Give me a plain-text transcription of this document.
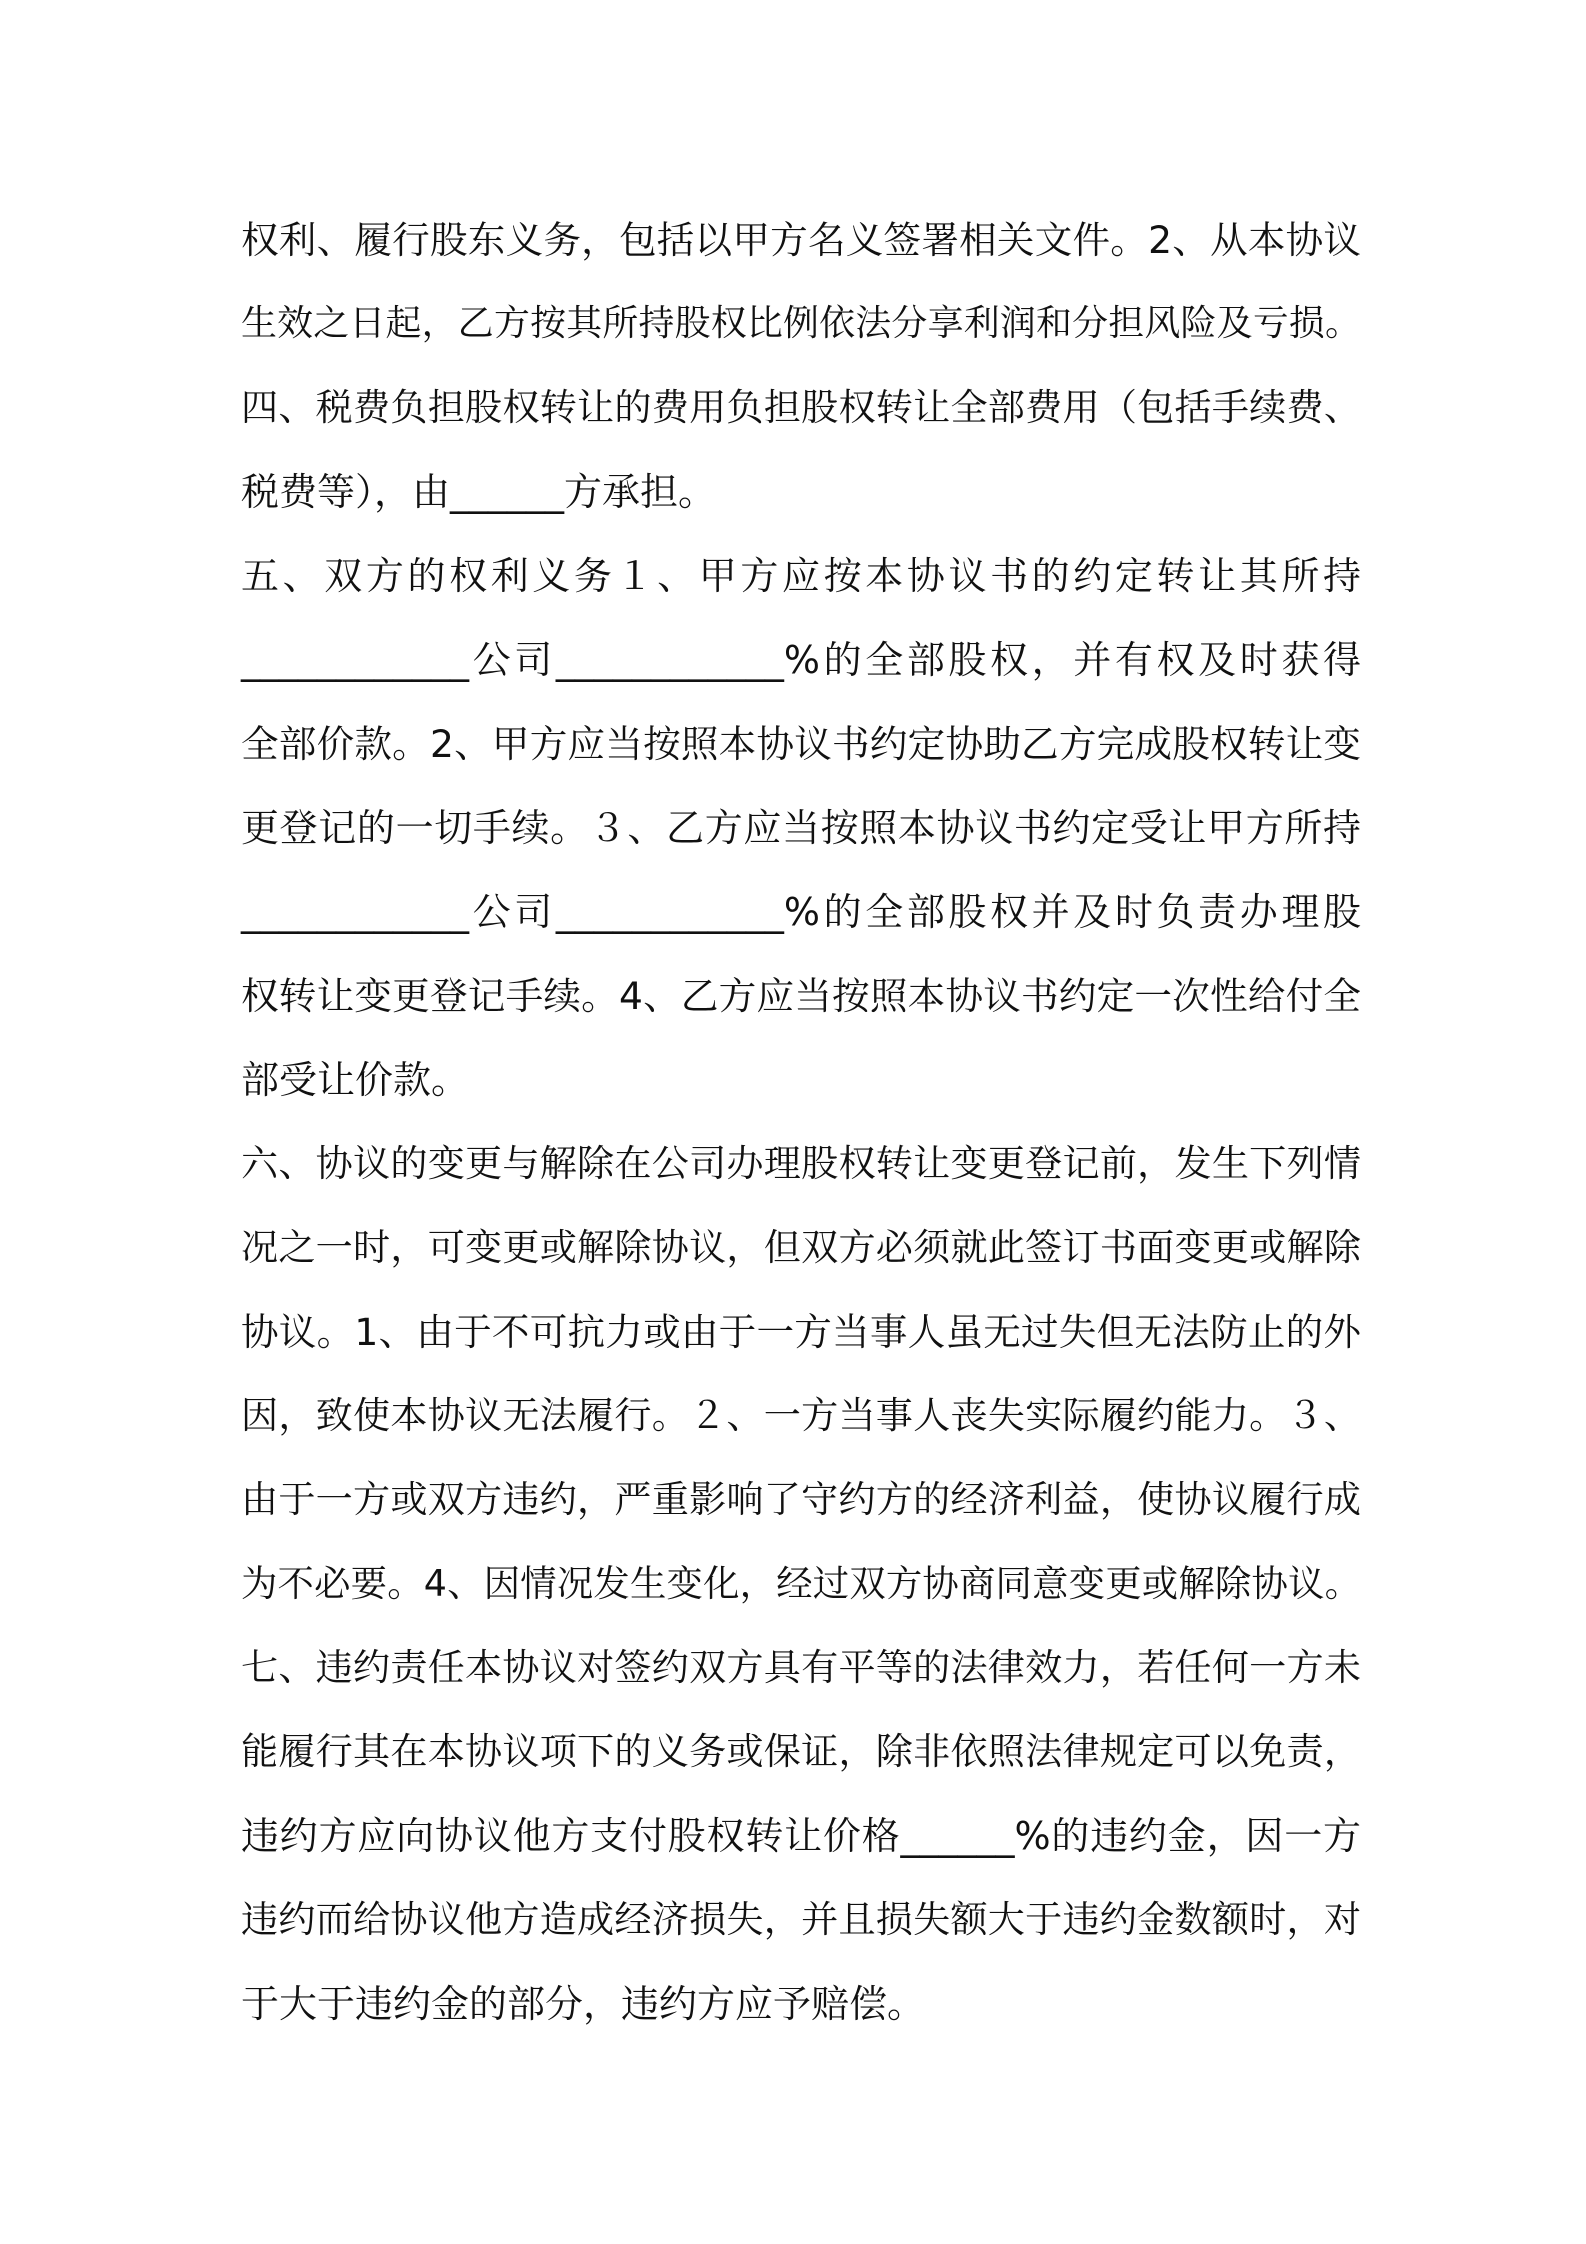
权利、履行股东义务，包括以甲方名义签署相关文件。2、从本协议
生效之日起，乙方按其所持股权比例依法分享利润和分担风险及亏损。
四、税费负担股权转让的费用负担股权转让全部费用（包括手续费、
税费等），由______方承担。
五、双方的权利义务１、甲方应按本协议书的约定转让其所持
____________公司____________%的全部股权，并有权及时获得
全部价款。2、甲方应当按照本协议书约定协助乙方完成股权转让变
更登记的一切手续。３、乙方应当按照本协议书约定受让甲方所持
____________公司____________%的全部股权并及时负责办理股
权转让变更登记手续。4、乙方应当按照本协议书约定一次性给付全
部受让价款。
六、协议的变更与解除在公司办理股权转让变更登记前，发生下列情
况之一时，可变更或解除协议，但双方必须就此签订书面变更或解除
协议。1、由于不可抗力或由于一方当事人虽无过失但无法防止的外
因，致使本协议无法履行。２、一方当事人丧失实际履约能力。３、
由于一方或双方违约，严重影响了守约方的经济利益，使协议履行成
为不必要。4、因情况发生变化，经过双方协商同意变更或解除协议。
七、违约责任本协议对签约双方具有平等的法律效力，若任何一方未
能履行其在本协议项下的义务或保证，除非依照法律规定可以免责，
违约方应向协议他方支付股权转让价格______%的违约金，因一方
违约而给协议他方造成经济损失，并且损失额大于违约金数额时，对
于大于违约金的部分，违约方应予赔偿。
